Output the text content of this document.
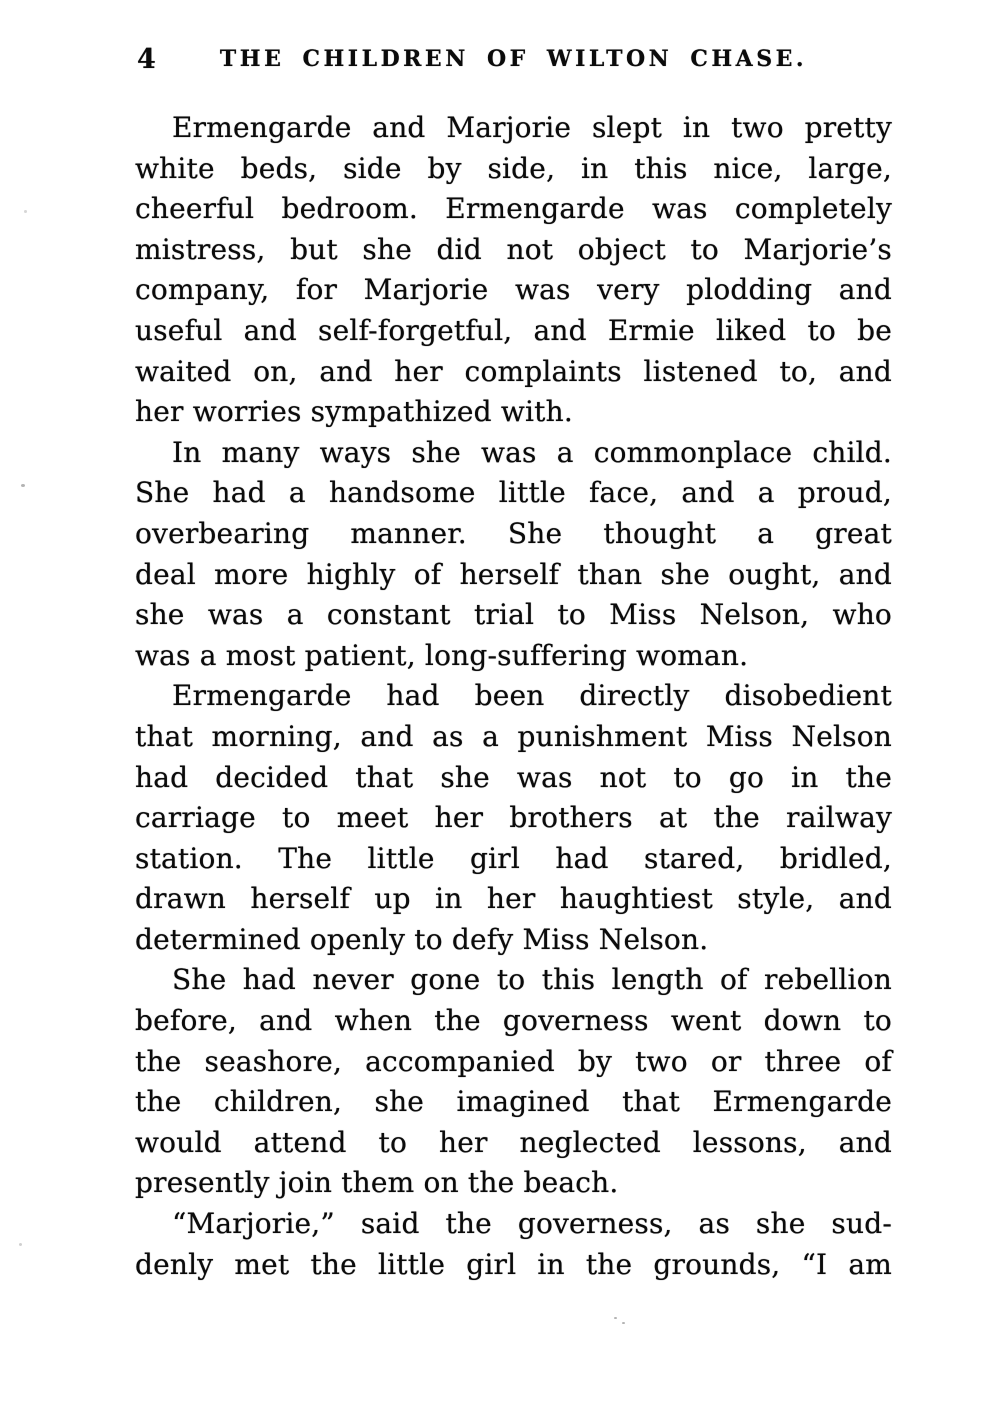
4	THE CHILDREN OF WILTON CHASE.
Ermengarde and Marjorie slept in two pretty
white beds, side by side, in this nice, large,
cheerful bedroom. Ermengarde was completely
mistress, but she did not object to Marjorie’s
company, for Marjorie was very plodding and
useful and self-forgetful, and Ermie liked to be
waited on, and her complaints listened to, and
her worries sympathized with.
In many ways she was a commonplace child.
She had a handsome little face, and a proud,
overbearing manner. She thought a great
deal more highly of herself than she ought, and
she was a constant trial to Miss Nelson, who
was a most patient, long-suffering woman.
Ermengarde had been directly disobedient
that morning, and as a punishment Miss Nelson
had decided that she was not to go in the
carriage to meet her brothers at the railway
station. The little girl had stared, bridled,
drawn herself up in her haughtiest style, and
determined openly to defy Miss Nelson.
She had never gone to this length of rebellion
before, and when the governess went down to
the seashore, accompanied by two or three of
the children, she imagined that Ermengarde
would attend to her neglected lessons, and
presently join them on the beach.
“Marjorie,” said the governess, as she sud-
denly met the little girl in the grounds, “I am
